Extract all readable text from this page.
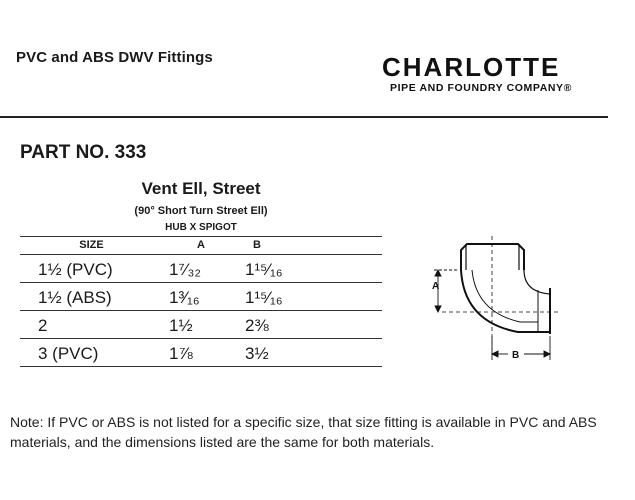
PVC and ABS DWV Fittings	CHARLOTTE
PIPE AND FOUNDRY COMPANY®
PART NO. 333
Vent Ell, Street
(90° Short Turn Street Ell)
HUB X SPIGOT
SIZE	A	B
1½ (PVC)	1⁷⁄₃₂	1¹⁵⁄₁₆
1½ (ABS)	1³⁄₁₆	1¹⁵⁄₁₆
2	1½	2⅜
3 (PVC)	1⅞	3½
A
B
Note: If PVC or ABS is not listed for a specific size, that size fitting is available in PVC and ABS materials, and the dimensions listed are the same for both materials.
